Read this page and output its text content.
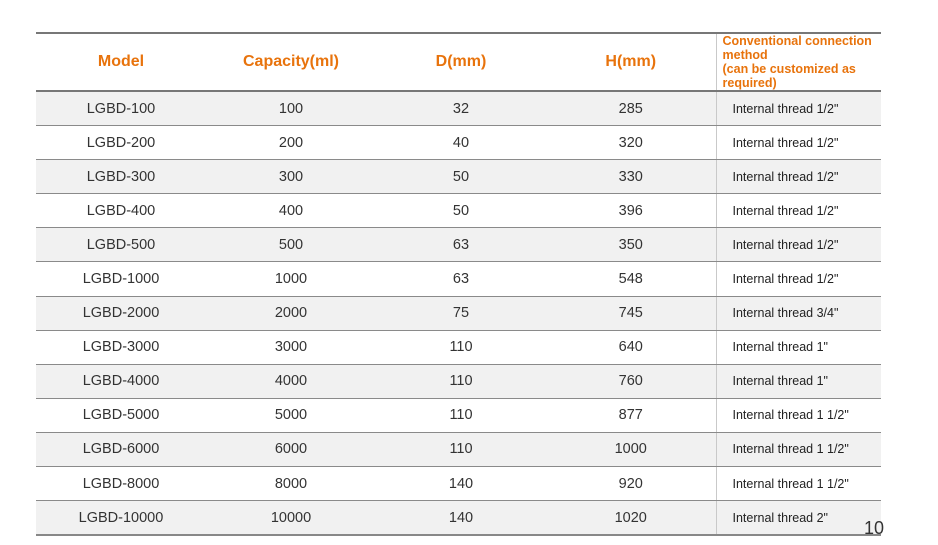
Model	Capacity(ml)	D(mm)	H(mm)	Conventional connection method
(can be customized as required)

LGBD-100	100	32	285	Internal thread 1/2"
LGBD-200	200	40	320	Internal thread 1/2"
LGBD-300	300	50	330	Internal thread 1/2"
LGBD-400	400	50	396	Internal thread 1/2"
LGBD-500	500	63	350	Internal thread 1/2"
LGBD-1000	1000	63	548	Internal thread 1/2"
LGBD-2000	2000	75	745	Internal thread 3/4"
LGBD-3000	3000	110	640	Internal thread 1"
LGBD-4000	4000	110	760	Internal thread 1"
LGBD-5000	5000	110	877	Internal thread 1 1/2"
LGBD-6000	6000	110	1000	Internal thread 1 1/2"
LGBD-8000	8000	140	920	Internal thread 1 1/2"
LGBD-10000	10000	140	1020	Internal thread 2"
10
